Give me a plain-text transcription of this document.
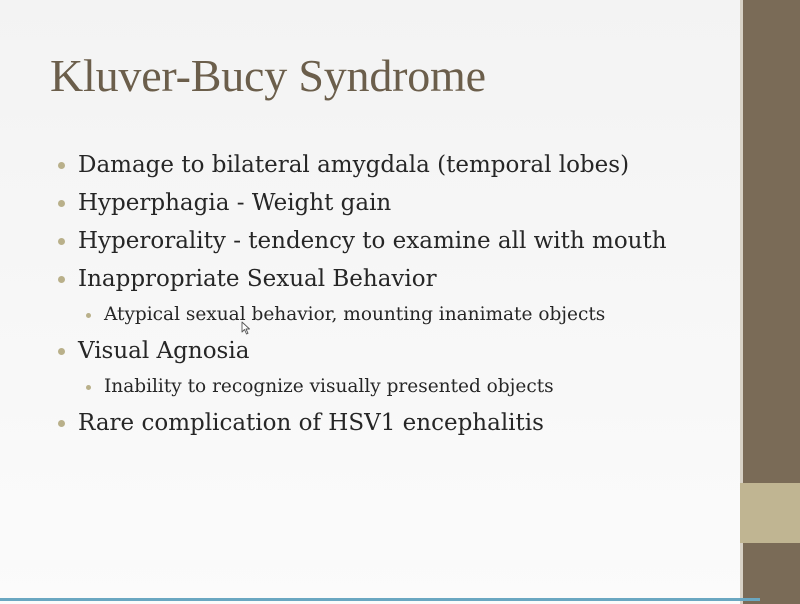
Kluver-Bucy Syndrome
Damage to bilateral amygdala (temporal lobes)
Hyperphagia - Weight gain
Hyperorality - tendency to examine all with mouth
Inappropriate Sexual Behavior
Atypical sexual behavior, mounting inanimate objects
Visual Agnosia
Inability to recognize visually presented objects
Rare complication of HSV1 encephalitis
